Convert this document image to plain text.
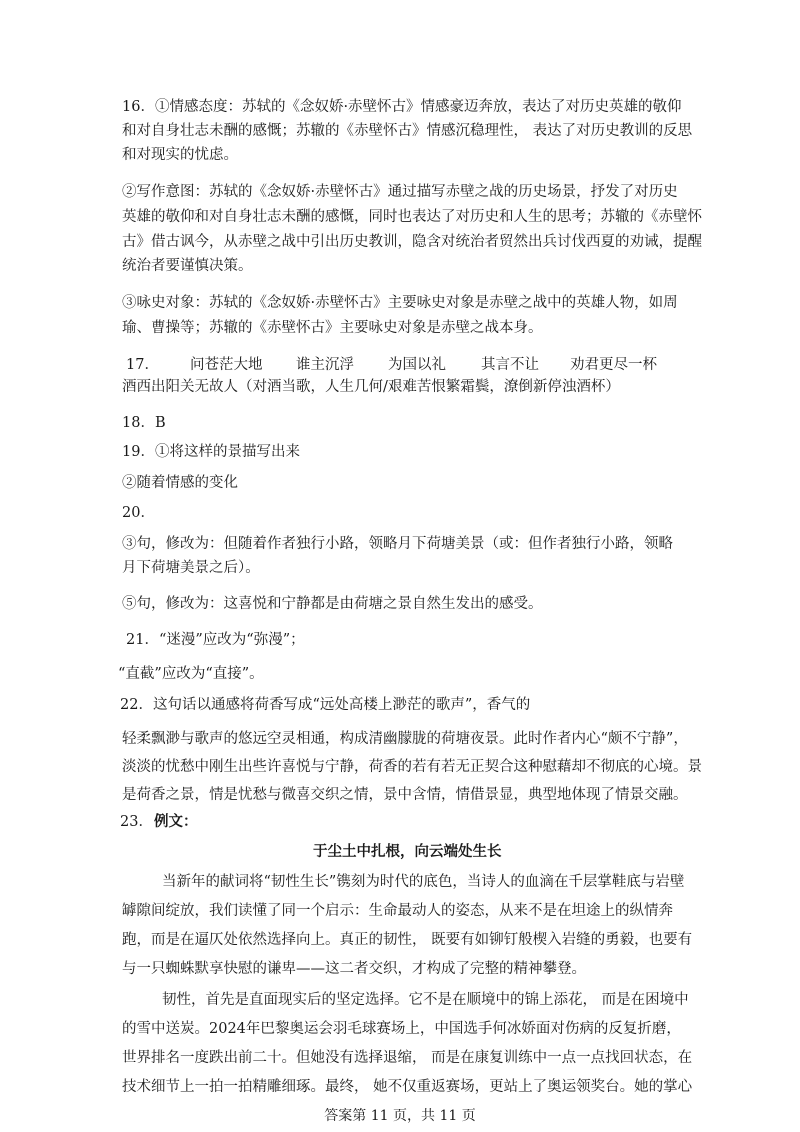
16．①情感态度：苏轼的《念奴娇·赤壁怀古》情感豪迈奔放，表达了对历史英雄的敬仰

和对自身壮志未酬的感慨；苏辙的《赤壁怀古》情感沉稳理性， 表达了对历史教训的反思

和对现实的忧虑。

②写作意图：苏轼的《念奴娇·赤壁怀古》通过描写赤壁之战的历史场景，抒发了对历史

英雄的敬仰和对自身壮志未酬的感慨，同时也表达了对历史和人生的思考；苏辙的《赤壁怀

古》借古讽今，从赤壁之战中引出历史教训，隐含对统治者贸然出兵讨伐西夏的劝诫，提醒

统治者要谨慎决策。

③咏史对象：苏轼的《念奴娇·赤壁怀古》主要咏史对象是赤壁之战中的英雄人物，如周

瑜、曹操等；苏辙的《赤壁怀古》主要咏史对象是赤壁之战本身。

17． 问苍茫大地 谁主沉浮 为国以礼 其言不让 劝君更尽一杯

酒西出阳关无故人（对酒当歌，人生几何/艰难苦恨繁霜鬓，潦倒新停浊酒杯）

18．B

19．①将这样的景描写出来

②随着情感的变化

20．

③句，修改为：但随着作者独行小路，领略月下荷塘美景（或：但作者独行小路，领略

月下荷塘美景之后）。

⑤句，修改为：这喜悦和宁静都是由荷塘之景自然生发出的感受。

21．“迷漫”应改为“弥漫”；

“直截”应改为“直接”。

22．这句话以通感将荷香写成“远处高楼上渺茫的歌声”，香气的

轻柔飘渺与歌声的悠远空灵相通，构成清幽朦胧的荷塘夜景。此时作者内心“颇不宁静”，

淡淡的忧愁中刚生出些许喜悦与宁静，荷香的若有若无正契合这种慰藉却不彻底的心境。景

是荷香之景，情是忧愁与微喜交织之情，景中含情，情借景显，典型地体现了情景交融。

23． 例文：

于尘土中扎根，向云端处生长

当新年的献词将“韧性生长”镌刻为时代的底色，当诗人的血滴在千层掌鞋底与岩壁

罅隙间绽放，我们读懂了同一个启示：生命最动人的姿态，从来不是在坦途上的纵情奔

跑，而是在逼仄处依然选择向上。真正的韧性， 既要有如铆钉般楔入岩缝的勇毅，也要有

与一只蜘蛛默享快慰的谦卑——这二者交织，才构成了完整的精神攀登。

韧性，首先是直面现实后的坚定选择。它不是在顺境中的锦上添花， 而是在困境中

的雪中送炭。2024年巴黎奥运会羽毛球赛场上，中国选手何冰娇面对伤病的反复折磨，

世界排名一度跌出前二十。但她没有选择退缩， 而是在康复训练中一点一点找回状态，在

技术细节上一拍一拍精雕细琢。最终， 她不仅重返赛场，更站上了奥运领奖台。她的掌心

答案第 11 页，共 11 页
